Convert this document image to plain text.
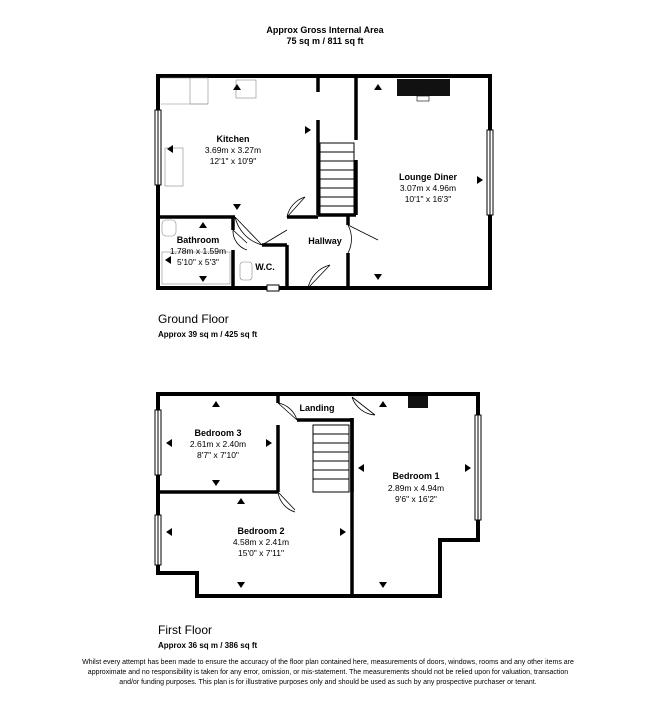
Approx Gross Internal Area
75 sq m / 811 sq ft
Kitchen
3.69m x 3.27m
12'1" x 10'9"
Lounge Diner
3.07m x 4.96m
10'1" x 16'3"
Bathroom
1.78m x 1.59m
5'10" x 5'3"	W.C.
Hallway
Bedroom 3
2.61m x 2.40m
8'7" x 7'10"
Landing
Bedroom 1
2.89m x 4.94m
9'6" x 16'2"
Bedroom 2
4.58m x 2.41m
15'0" x 7'11"
Ground Floor
Approx 39 sq m / 425 sq ft
First Floor
Approx 36 sq m / 386 sq ft
Whilst every attempt has been made to ensure the accuracy of the floor plan contained here, measurements of doors, windows, rooms and any other items are approximate and no responsibility is taken for any error, omission, or mis-statement. The measurements should not be relied upon for valuation, transaction and/or funding purposes. This plan is for illustrative purposes only and should be used as such by any prospective purchaser or tenant.
